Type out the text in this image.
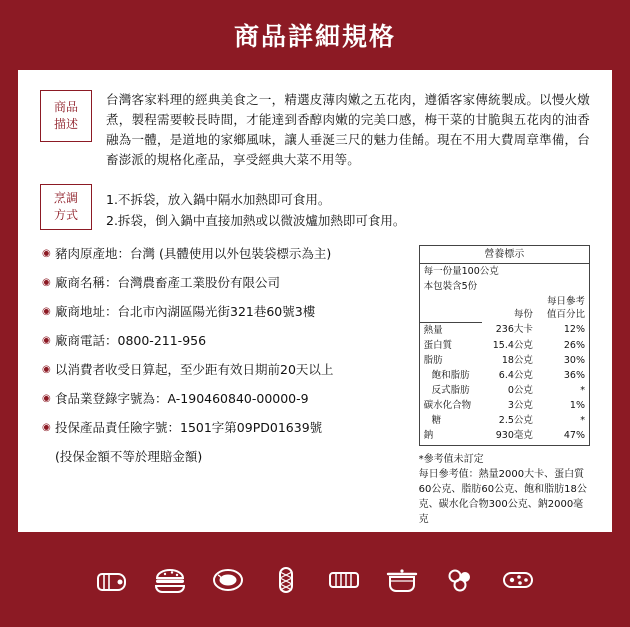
商品詳細規格
商品
描述
台灣客家料理的經典美食之一，精選皮薄肉嫩之五花肉，遵循客家傳統製成。以慢火燉煮，製程需要較長時間，才能達到香醇肉嫩的完美口感，梅干菜的甘脆與五花肉的油香融為一體，是道地的家鄉風味，讓人垂涎三尺的魅力佳餚。現在不用大費周章準備，台畜澎派的規格化產品，享受經典大菜不用等。
烹調
方式
1.不拆袋，放入鍋中隔水加熱即可食用。
2.拆袋，倒入鍋中直接加熱或以微波爐加熱即可食用。
◉ 豬肉原產地：台灣 (具體使用以外包裝袋標示為主)
◉ 廠商名稱：台灣農畜產工業股份有限公司
◉ 廠商地址：台北市內湖區陽光街321巷60號3樓
◉ 廠商電話：0800-211-956
◉ 以消費者收受日算起，至少距有效日期前20天以上
◉ 食品業登錄字號為：A-190460840-00000-9
◉ 投保產品責任險字號：1501字第09PD01639號
(投保金額不等於理賠金額)
營養標示		
每一份量100公克		
本包裝含5份		
	每份	每日參考
值百分比

熱量	236大卡	12%
蛋白質	15.4公克	26%
脂肪	18公克	30%
飽和脂肪	6.4公克	36%
反式脂肪	0公克	*
碳水化合物	3公克	1%
糖	2.5公克	*
鈉	930毫克	47%
*參考值未訂定
每日參考值：熱量2000大卡、蛋白質60公克、脂肪60公克、飽和脂肪18公克、碳水化合物300公克、鈉2000毫克
